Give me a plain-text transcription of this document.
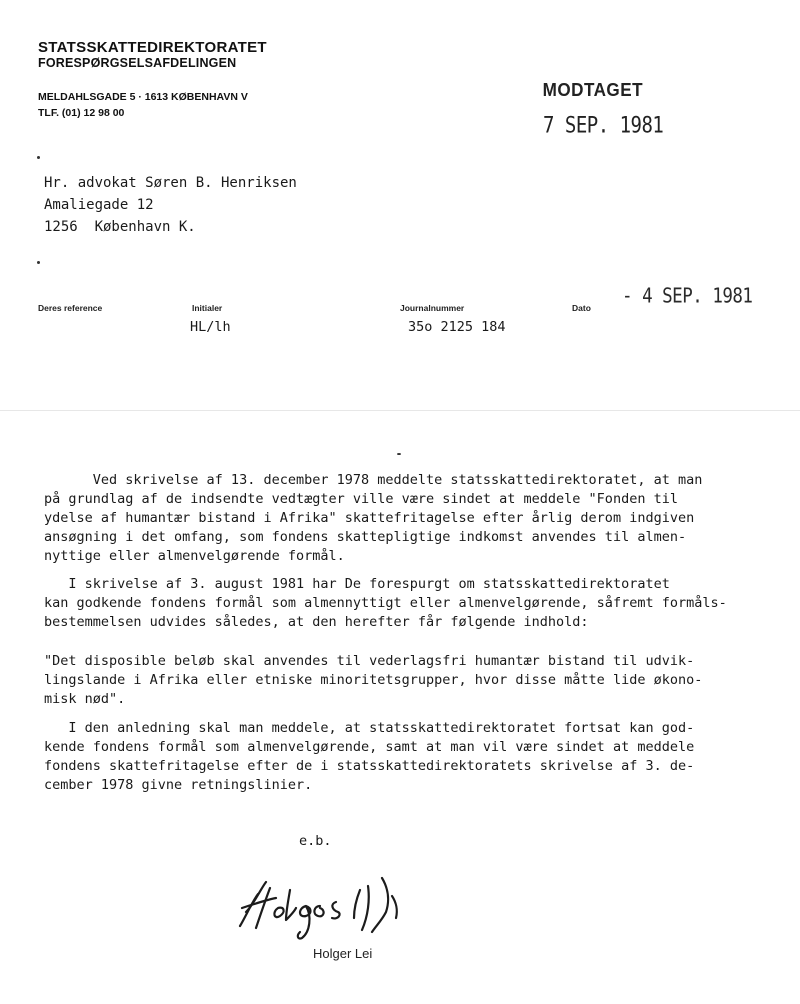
STATSSKATTEDIREKTORATET
FORESPØRGSELSAFDELINGEN
MELDAHLSGADE 5 · 1613 KØBENHAVN V
TLF. (01) 12 98 00
MODTAGET
7 SEP. 1981
Hr. advokat Søren B. Henriksen
Amaliegade 12
1256  København K.
Deres reference	Initialer
HL/lh
Journalnummer
35o 2125 184
Dato - 4 SEP. 1981

Ved skrivelse af 13. december 1978 meddelte statsskattedirektoratet, at man
på grundlag af de indsendte vedtægter ville være sindet at meddele "Fonden til
ydelse af humantær bistand i Afrika" skattefritagelse efter årlig derom indgiven
ansøgning i det omfang, som fondens skattepligtige indkomst anvendes til almen-
nyttige eller almenvelgørende formål.

I skrivelse af 3. august 1981 har De forespurgt om statsskattedirektoratet
kan godkende fondens formål som almennyttigt eller almenvelgørende, såfremt formåls-
bestemmelsen udvides således, at den herefter får følgende indhold:

"Det disposible beløb skal anvendes til vederlagsfri humantær bistand til udvik-
lingslande i Afrika eller etniske minoritetsgrupper, hvor disse måtte lide økono-
misk nød".

I den anledning skal man meddele, at statsskattedirektoratet fortsat kan god-
kende fondens formål som almenvelgørende, samt at man vil være sindet at meddele
fondens skattefritagelse efter de i statsskattedirektoratets skrivelse af 3. de-
cember 1978 givne retningslinier.

e.b.
Holger Lei
